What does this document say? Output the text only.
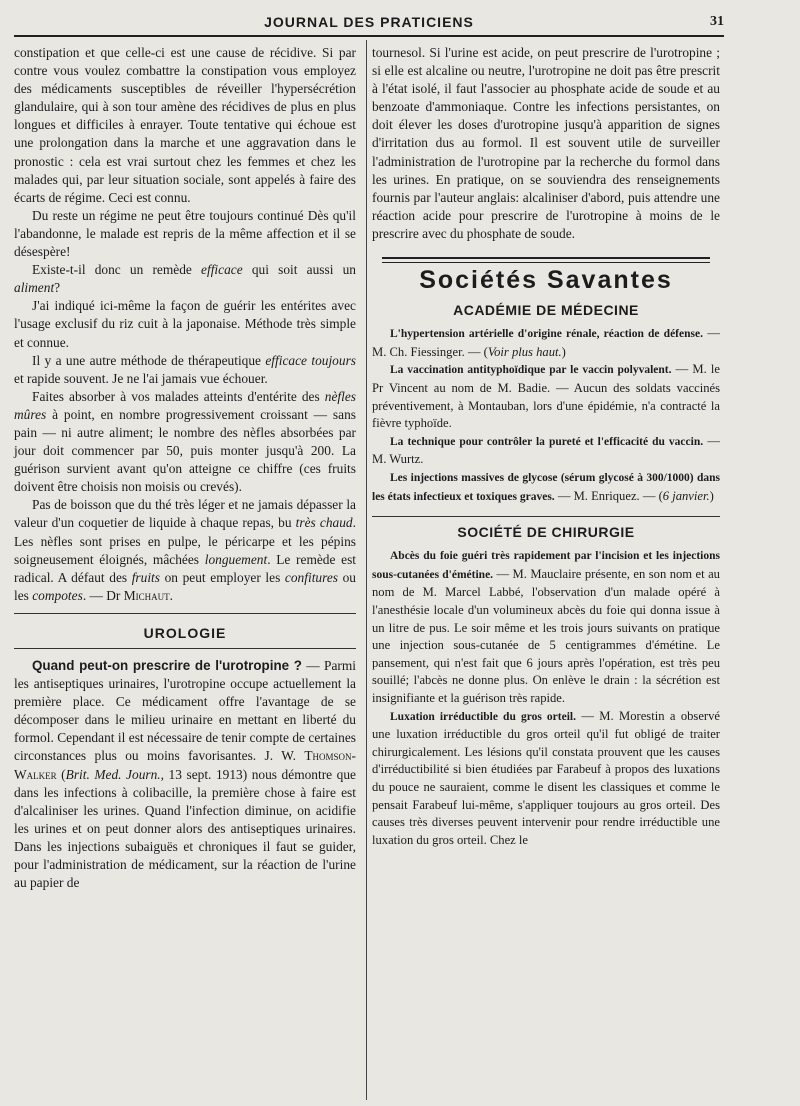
JOURNAL DES PRATICIENS	31

constipation et que celle-ci est une cause de récidive. Si par contre vous voulez combattre la constipation vous employez des médicaments susceptibles de réveiller l'hypersécrétion glandulaire, qui à son tour amène des récidives de plus en plus longues et difficiles à enrayer. Toute tentative qui échoue est une prolongation dans la marche et une aggravation dans le pronostic : cela est vrai surtout chez les femmes et chez les malades qui, par leur situation sociale, sont appelés à faire des écarts de régime. Ceci est connu.

Du reste un régime ne peut être toujours continué Dès qu'il l'abandonne, le malade est repris de la même affection et il se désespère!

Existe-t-il donc un remède efficace qui soit aussi un aliment?

J'ai indiqué ici-même la façon de guérir les entérites avec l'usage exclusif du riz cuit à la japonaise. Méthode très simple et connue.

Il y a une autre méthode de thérapeutique efficace toujours et rapide souvent. Je ne l'ai jamais vue échouer.

Faites absorber à vos malades atteints d'entérite des nèfles mûres à point, en nombre progressivement croissant — sans pain — ni autre aliment; le nombre des nèfles absorbées par jour doit commencer par 50, puis monter jusqu'à 200. La guérison survient avant qu'on atteigne ce chiffre (ces fruits doivent être choisis non moisis ou crevés).

Pas de boisson que du thé très léger et ne jamais dépasser la valeur d'un coquetier de liquide à chaque repas, bu très chaud. Les nèfles sont prises en pulpe, le péricarpe et les pépins soigneusement éloignés, mâchées longuement. Le remède est radical. A défaut des fruits on peut employer les confitures ou les compotes. — Dr Michaut.

UROLOGIE

Quand peut-on prescrire de l'urotropine ? — Parmi les antiseptiques urinaires, l'urotropine occupe actuellement la première place. Ce médicament offre l'avantage de se décomposer dans le milieu urinaire en mettant en liberté du formol. Cependant il est nécessaire de tenir compte de certaines circonstances plus ou moins favorisantes. J. W. Thomson-Walker (Brit. Med. Journ., 13 sept. 1913) nous démontre que dans les infections à colibacille, la première chose à faire est d'alcaliniser les urines. Quand l'infection diminue, on acidifie les urines et on peut donner alors des antiseptiques urinaires. Dans les injections subaiguës et chroniques il faut se guider, pour l'administration de médicament, sur la réaction de l'urine au papier de

tournesol. Si l'urine est acide, on peut prescrire de l'urotropine ; si elle est alcaline ou neutre, l'urotropine ne doit pas être prescrit à l'état isolé, il faut l'associer au phosphate acide de soude et au benzoate d'ammoniaque. Contre les infections persistantes, on doit élever les doses d'urotropine jusqu'à apparition de signes d'irritation dus au formol. Il est souvent utile de surveiller l'administration de l'urotropine par la recherche du formol dans les urines. En pratique, on se souviendra des renseignements fournis par l'auteur anglais: alcaliniser d'abord, puis attendre une réaction acide pour prescrire de l'urotropine à moins de le prescrire avec du phosphate de soude.

Sociétés Savantes
ACADÉMIE DE MÉDECINE

L'hypertension artérielle d'origine rénale, réaction de défense. — M. Ch. Fiessinger. — (Voir plus haut.)

La vaccination antityphoïdique par le vaccin polyvalent. — M. le Pr Vincent au nom de M. Badie. — Aucun des soldats vaccinés préventivement, à Montauban, lors d'une épidémie, n'a contracté la fièvre typhoïde.

La technique pour contrôler la pureté et l'efficacité du vaccin. — M. Wurtz.

Les injections massives de glycose (sérum glycosé à 300/1000) dans les états infectieux et toxiques graves. — M. Enriquez. — (6 janvier.)

SOCIÉTÉ DE CHIRURGIE

Abcès du foie guéri très rapidement par l'incision et les injections sous-cutanées d'émétine. — M. Mauclaire présente, en son nom et au nom de M. Marcel Labbé, l'observation d'un malade opéré à l'anesthésie locale d'un volumineux abcès du foie qui donna issue à un litre de pus. Le soir même et les trois jours suivants on pratique une injection sous-cutanée de 5 centigrammes d'émétine. Le pansement, qui n'est fait que 6 jours après l'opération, est très peu souillé; l'abcès ne donne plus. On enlève le drain : la sécrétion est insignifiante et la guérison très rapide.

Luxation irréductible du gros orteil. — M. Morestin a observé une luxation irréductible du gros orteil qu'il fut obligé de traiter chirurgicalement. Les lésions qu'il constata prouvent que les causes d'irréductibilité si bien étudiées par Farabeuf à propos des luxations du pouce ne sauraient, comme le disent les classiques et comme le pensait Farabeuf lui-même, s'appliquer toujours au gros orteil. Des causes très diverses peuvent intervenir pour rendre irréductible une luxation du gros orteil. Chez le
